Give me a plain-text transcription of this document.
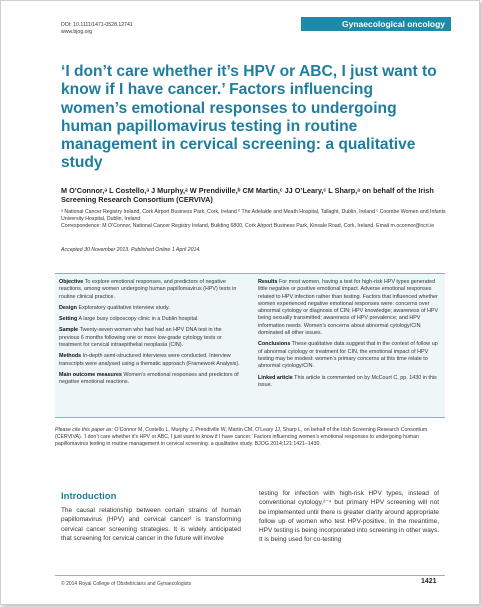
DOI: 10.1111/1471-0528.12741
www.bjog.org
Gynaecological oncology
‘I don’t care whether it’s HPV or ABC, I just want to know if I have cancer.’ Factors influencing women’s emotional responses to undergoing human papillomavirus testing in routine management in cervical screening: a qualitative study

M O’Connor,ᵃ L Costello,ᵃ J Murphy,ᵃ W Prendiville,ᵇ CM Martin,ᶜ JJ O’Leary,ᶜ L Sharp,ᵃ on behalf of the Irish Screening Research Consortium (CERVIVA)

ᵃ National Cancer Registry Ireland, Cork Airport Business Park, Cork, Ireland ᵇ The Adelaide and Meath Hospital, Tallaght, Dublin, Ireland ᶜ Coombe Women and Infants University Hospital, Dublin, Ireland

Correspondence: M O’Connor, National Cancer Registry Ireland, Building 6800, Cork Airport Business Park, Kinsale Road, Cork, Ireland. Email m.oconnor@ncri.ie

Accepted 30 November 2013. Published Online 1 April 2014.

Objective To explore emotional responses, and predictors of negative reactions, among women undergoing human papillomavirus (HPV) tests in routine clinical practice.

Design Exploratory qualitative interview study.

Setting A large busy colposcopy clinic in a Dublin hospital.

Sample Twenty-seven women who had had an HPV DNA test in the previous 6 months following one or more low-grade cytology tests or treatment for cervical intraepithelial neoplasia (CIN).

Methods In-depth semi-structured interviews were conducted. Interview transcripts were analysed using a thematic approach (Framework Analysis).

Main outcome measures Women’s emotional responses and predictors of negative emotional reactions.

Results For most women, having a test for high-risk HPV types generated little negative or positive emotional impact. Adverse emotional responses related to HPV infection rather than testing. Factors that influenced whether women experienced negative emotional responses were: concerns over abnormal cytology or diagnosis of CIN; HPV knowledge; awareness of HPV being sexually transmitted; awareness of HPV prevalence; and HPV information needs. Women’s concerns about abnormal cytology/CIN dominated all other issues.

Conclusions These qualitative data suggest that in the context of follow up of abnormal cytology or treatment for CIN, the emotional impact of HPV testing may be modest: women’s primary concerns at this time relate to abnormal cytology/CIN.

Linked article This article is commented on by McCourt C, pp. 1430 in this issue.

Please cite this paper as: O’Connor M, Costello L, Murphy J, Prendiville W, Martin CM, O’Leary JJ, Sharp L, on behalf of the Irish Screening Research Consortium (CERVIVA). ‘I don’t care whether it’s HPV or ABC, I just want to know if I have cancer.’ Factors influencing women’s emotional responses to undergoing human papillomavirus testing in routine management in cervical screening: a qualitative study. BJOG 2014;121:1421–1430.

Introduction

The causal relationship between certain strains of human papillomavirus (HPV) and cervical cancer¹ is transforming cervical cancer screening strategies. It is widely anticipated that screening for cervical cancer in the future will involve

testing for infection with high-risk HPV types, instead of conventional cytology,²⁻⁴ but primary HPV screening will not be implemented until there is greater clarity around appropriate follow up of women who test HPV-positive. In the meantime, HPV testing is being incorporated into screening in other ways. It is being used for co-testing

© 2014 Royal College of Obstetricians and Gynaecologists	1421
